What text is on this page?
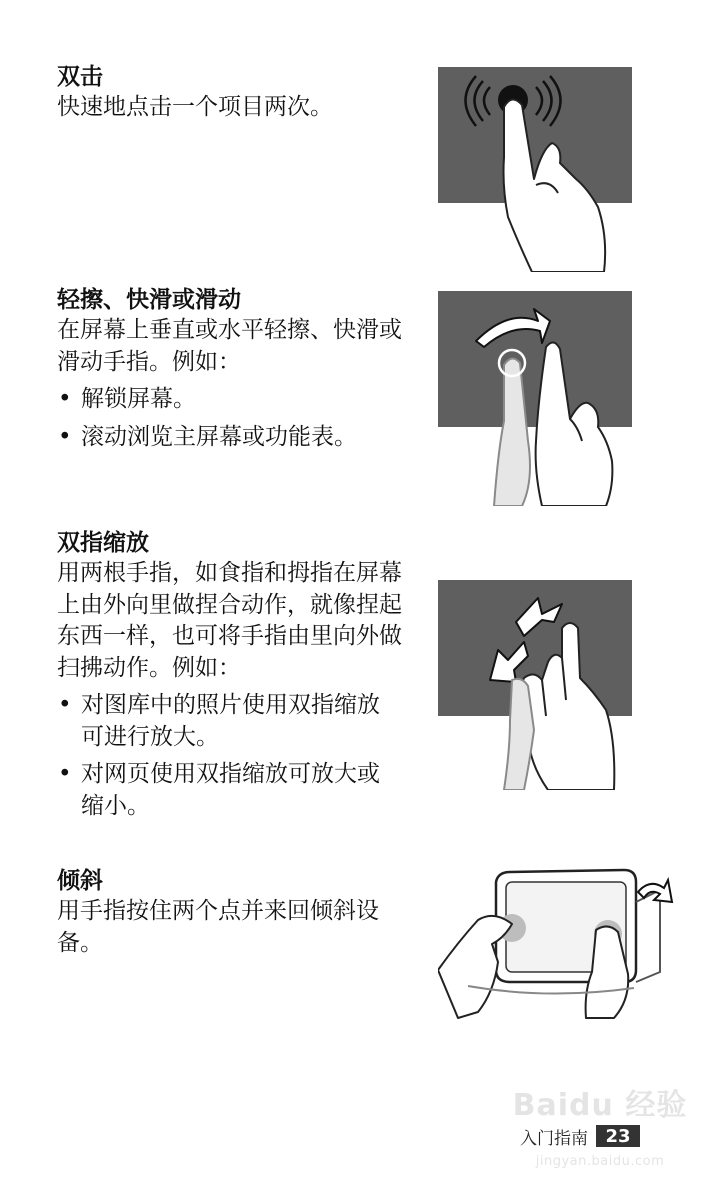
双击

快速地点击一个项目两次。

轻擦、快滑或滑动

在屏幕上垂直或水平轻擦、快滑或滑动手指。例如：

• 解锁屏幕。
• 滚动浏览主屏幕或功能表。
双指缩放

用两根手指，如食指和拇指在屏幕上由外向里做捏合动作，就像捏起东西一样，也可将手指由里向外做扫拂动作。例如：

• 对图库中的照片使用双指缩放可进行放大。
• 对网页使用双指缩放可放大或缩小。
倾斜

用手指按住两个点并来回倾斜设备。

Baidu 经验
jingyan.baidu.com
入门指南 23
